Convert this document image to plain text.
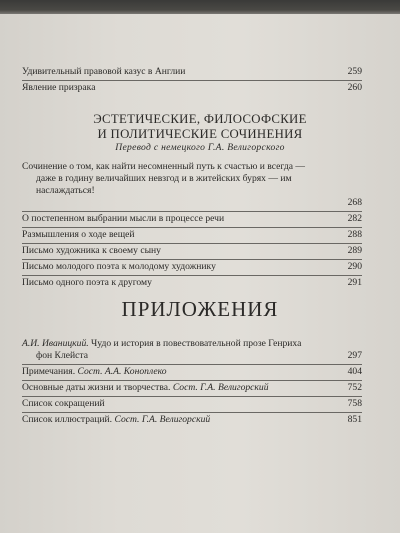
Удивительный правовой казус в Англии	259
Явление призрака	260
ЭСТЕТИЧЕСКИЕ, ФИЛОСОФСКИЕ
И ПОЛИТИЧЕСКИЕ СОЧИНЕНИЯ
Перевод с немецкого Г.А. Велигорского
Сочинение о том, как найти несомненный путь к счастью и всегда —
даже в годину величайших невзгод и в житейских бурях — им
наслаждаться!
268
О постепенном выбрании мысли в процессе речи	282
Размышления о ходе вещей	288
Письмо художника к своему сыну	289
Письмо молодого поэта к молодому художнику	290
Письмо одного поэта к другому	291
ПРИЛОЖЕНИЯ
А.И. Иваницкий. Чудо и история в повествовательной прозе Генриха
фон Клейста	297
Примечания. Сост. А.А. Коноплеко	404
Основные даты жизни и творчества. Сост. Г.А. Велигорский	752
Список сокращений	758
Список иллюстраций. Сост. Г.А. Велигорский	851
